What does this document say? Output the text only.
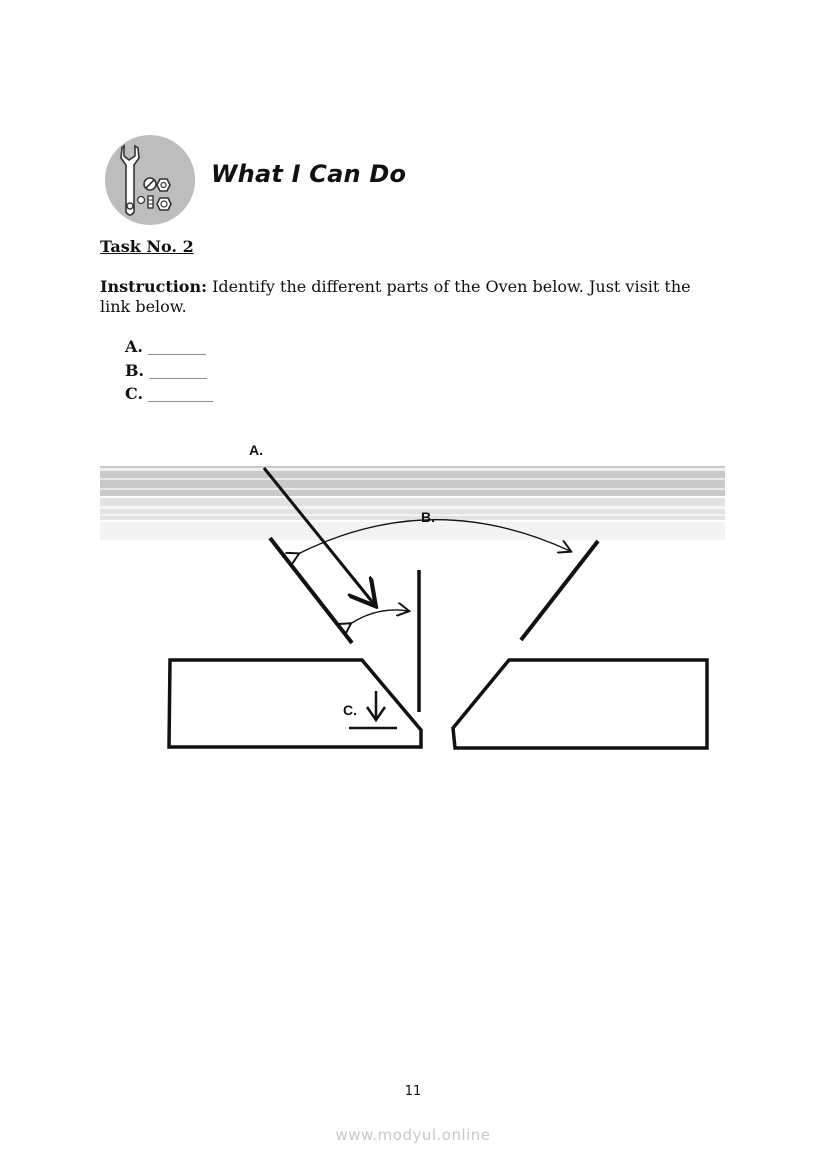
What I Can Do
Task No. 2
Instruction: Identify the different parts of the Oven below. Just visit the link below.
A. ________
B. ________
C. _________
A.
B.
C.
11
www.modyul.online
